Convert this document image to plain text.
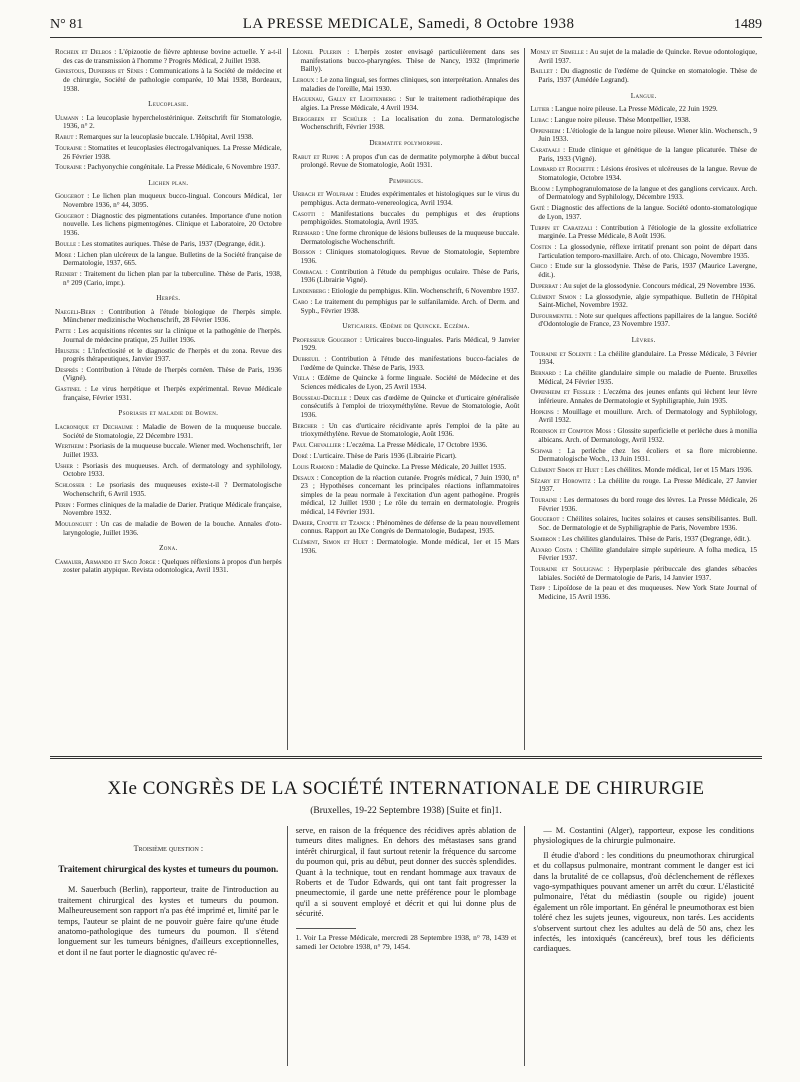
N° 81	LA PRESSE MEDICALE, Samedi, 8 Octobre 1938	1489
Rocheix et Delbos : L'épizootie de fièvre aphteuse bovine actuelle. Y a-t-il des cas de transmission à l'homme ? Progrès Médical, 2 Juillet 1938.
Ginestous, Dupierris et Sènes : Communications à la Société de médecine et de chirurgie, Société de pathologie comparée, 10 Mai 1938, Bordeaux, 1938.
Leucoplasie.
Ulmann : La leucoplasie hyperchelostérinique. Zeitschrift für Stomatologie, 1936, n° 2.
Rabut : Remarques sur la leucoplasie buccale. L'Hôpital, Avril 1938.
Touraine : Stomatites et leucoplasies électrogalvaniques. La Presse Médicale, 26 Février 1938.
Touraine : Pachyonychie congénitale. La Presse Médicale, 6 Novembre 1937.
Lichen plan.
Gougerot : Le lichen plan muqueux bucco-lingual. Concours Médical, 1er Novembre 1936, n° 44, 3095.
Gougerot : Diagnostic des pigmentations cutanées. Importance d'une notion nouvelle. Les lichens pigmentogènes. Clinique et Laboratoire, 20 Octobre 1936.
Boulle : Les stomatites auriques. Thèse de Paris, 1937 (Degrange, édit.).
More : Lichen plan ulcéreux de la langue. Bulletins de la Société française de Dermatologie, 1937, 665.
Reinert : Traitement du lichen plan par la tuberculine. Thèse de Paris, 1938, n° 209 (Cario, impr.).
Herpès.
Naegeli-Bern : Contribution à l'étude biologique de l'herpès simple. Münchener medizinische Wochenschrift, 28 Février 1936.
Patte : Les acquisitions récentes sur la clinique et la pathogénie de l'herpès. Journal de médecine pratique, 25 Juillet 1936.
Hruszek : L'infectiosité et le diagnostic de l'herpès et du zona. Revue des progrès thérapeutiques, Janvier 1937.
Després : Contribution à l'étude de l'herpès cornéen. Thèse de Paris, 1936 (Vigné).
Gastinel : Le virus herpétique et l'herpès expérimental. Revue Médicale française, Février 1931.
Psoriasis et maladie de Bowen.
Lacronique et Dechaume : Maladie de Bowen de la muqueuse buccale. Société de Stomatologie, 22 Décembre 1931.
Wertheim : Psoriasis de la muqueuse buccale. Wiener med. Wochenschrift, 1er Juillet 1933.
Usher : Psoriasis des muqueuses. Arch. of dermatology and syphilology, Octobre 1933.
Schlosser : Le psoriasis des muqueuses existe-t-il ? Dermatologische Wochenschrift, 6 Avril 1935.
Perin : Formes cliniques de la maladie de Darier. Pratique Médicale française, Novembre 1932.
Moulonguet : Un cas de maladie de Bowen de la bouche. Annales d'oto-laryngologie, Juillet 1936.
Zona.
Camauer, Armando et Saco Jorge : Quelques réflexions à propos d'un herpès zoster palatin atypique. Revista odontologica, Avril 1931.
Léonel Pulerin : L'herpès zoster envisagé particulièrement dans ses manifestations bucco-pharyngées. Thèse de Nancy, 1932 (Imprimerie Bailly).
Leroux : Le zona lingual, ses formes cliniques, son interprétation. Annales des maladies de l'oreille, Mai 1930.
Haguenau, Gally et Lichtenberg : Sur le traitement radiothérapique des algies. La Presse Médicale, 4 Avril 1934.
Berggreen et Schüler : La localisation du zona. Dermatologische Wochenschrift, Février 1938.
Dermatite polymorphe.
Rabut et Ruppe : A propos d'un cas de dermatite polymorphe à début buccal prolongé. Revue de Stomatologie, Août 1931.
Pemphigus.
Urbach et Wolfram : Etudes expérimentales et histologiques sur le virus du pemphigus. Acta dermato-venereologica, Avril 1934.
Casotti : Manifestations buccales du pemphigus et des éruptions pemphigoïdes. Stomatologia, Avril 1935.
Reinhard : Une forme chronique de lésions bulleuses de la muqueuse buccale. Dermatologische Wochenschrift.
Boisson : Cliniques stomatologiques. Revue de Stomatologie, Septembre 1936.
Combacal : Contribution à l'étude du pemphigus oculaire. Thèse de Paris, 1936 (Librairie Vigné).
Lindenberg : Etiologie du pemphigus. Klin. Wochenschrift, 6 Novembre 1937.
Caro : Le traitement du pemphigus par le sulfanilamide. Arch. of Derm. and Syph., Février 1938.
Urticaires. Œdème de Quincke. Eczéma.
Professeur Gougerot : Urticaires bucco-linguales. Paris Médical, 9 Janvier 1929.
Dubreuil : Contribution à l'étude des manifestations bucco-faciales de l'œdème de Quincke. Thèse de Paris, 1933.
Viela : Œdème de Quincke à forme linguale. Société de Médecine et des Sciences médicales de Lyon, 25 Avril 1934.
Bousseau-Decelle : Deux cas d'œdème de Quincke et d'urticaire généralisée consécutifs à l'emploi de trioxyméthylène. Revue de Stomatologie, Août 1936.
Bercher : Un cas d'urticaire récidivante après l'emploi de la pâte au trioxyméthylène. Revue de Stomatologie, Août 1936.
Paul Chevallier : L'eczéma. La Presse Médicale, 17 Octobre 1936.
Doré : L'urticaire. Thèse de Paris 1936 (Librairie Picart).
Louis Ramond : Maladie de Quincke. La Presse Médicale, 20 Juillet 1935.
Desaux : Conception de la réaction cutanée. Progrès médical, 7 Juin 1930, n° 23 ; Hypothèses concernant les principales réactions inflammatoires simples de la peau normale à l'excitation d'un agent pathogène. Progrès médical, 12 Juillet 1930 ; Le rôle du terrain en dermatologie. Progrès médical, 14 Février 1931.
Darier, Civatte et Tzanck : Phénomènes de défense de la peau nouvellement connus. Rapport au IXe Congrès de Dermatologie, Budapest, 1935.
Clément, Simon et Huet : Dermatologie. Monde médical, 1er et 15 Mars 1936.
Monly et Semelle : Au sujet de la maladie de Quincke. Revue odontologique, Avril 1937.
Baillet : Du diagnostic de l'œdème de Quincke en stomatologie. Thèse de Paris, 1937 (Amédée Legrand).
Langue.
Lutier : Langue noire pileuse. La Presse Médicale, 22 Juin 1929.
Lubac : Langue noire pileuse. Thèse Montpellier, 1938.
Oppenheim : L'étiologie de la langue noire pileuse. Wiener klin. Wochensch., 9 Juin 1933.
Carataali : Etude clinique et génétique de la langue plicaturée. Thèse de Paris, 1933 (Vigné).
Lombard et Rochette : Lésions érosives et ulcéreuses de la langue. Revue de Stomatologie, Octobre 1934.
Bloom : Lymphogranulomatose de la langue et des ganglions cervicaux. Arch. of Dermatology and Syphilology, Décembre 1933.
Gaté : Diagnostic des affections de la langue. Société odonto-stomatologique de Lyon, 1937.
Turpin et Caratzali : Contribution à l'étiologie de la glossite exfoliatrice marginée. La Presse Médicale, 8 Août 1936.
Costen : La glossodynie, réflexe irritatif prenant son point de départ dans l'articulation temporo-maxillaire. Arch. of oto. Chicago, Novembre 1935.
Chico : Etude sur la glossodynie. Thèse de Paris, 1937 (Maurice Lavergne, édit.).
Duperrat : Au sujet de la glossodynie. Concours médical, 29 Novembre 1936.
Clément Simon : La glossodynie, algie sympathique. Bulletin de l'Hôpital Saint-Michel, Novembre 1932.
Dufourmentel : Note sur quelques affections papillaires de la langue. Société d'Odontologie de France, 23 Novembre 1937.
Lèvres.
Touraine et Solente : La chéilite glandulaire. La Presse Médicale, 3 Février 1934.
Bernard : La chéilite glandulaire simple ou maladie de Puente. Bruxelles Médical, 24 Février 1935.
Oppenheim et Fessler : L'eczéma des jeunes enfants qui lèchent leur lèvre inférieure. Annales de Dermatologie et Syphiligraphie, Juin 1935.
Hopkins : Mouillage et mouillure. Arch. of Dermatology and Syphilology, Avril 1932.
Robinson et Compton Moss : Glossite superficielle et perlèche dues à monilia albicans. Arch. of Dermatology, Avril 1932.
Schwab : La perlèche chez les écoliers et sa flore microbienne. Dermatologische Woch., 13 Juin 1931.
Clément Simon et Huet : Les chéilites. Monde médical, 1er et 15 Mars 1936.
Sézary et Horowitz : La chéilite du rouge. La Presse Médicale, 27 Janvier 1937.
Touraine : Les dermatoses du bord rouge des lèvres. La Presse Médicale, 26 Février 1936.
Gougerot : Chéilites solaires, lucites solaires et causes sensibilisantes. Bull. Soc. de Dermatologie et de Syphiligraphie de Paris, Novembre 1936.
Sambron : Les chéilites glandulaires. Thèse de Paris, 1937 (Degrange, édit.).
Alvaro Costa : Chéilite glandulaire simple supérieure. A folha medica, 15 Février 1937.
Touraine et Soulignac : Hyperplasie péribuccale des glandes sébacées labiales. Société de Dermatologie de Paris, 14 Janvier 1937.
Tripp : Lipoïdose de la peau et des muqueuses. New York State Journal of Medicine, 15 Avril 1936.
XIe CONGRÈS DE LA SOCIÉTÉ INTERNATIONALE DE CHIRURGIE
(Bruxelles, 19-22 Septembre 1938) [Suite et fin]1.
Troisième question :
Traitement chirurgical des kystes et tumeurs du poumon.
M. Sauerbuch (Berlin), rapporteur, traite de l'introduction au traitement chirurgical des kystes et tumeurs du poumon. Malheureusement son rapport n'a pas été imprimé et, limité par le temps, l'auteur se plaint de ne pouvoir guère faire qu'une étude anatomo-pathologique des tumeurs du poumon. Il s'étend longuement sur les tumeurs bénignes, d'ailleurs exceptionnelles, et dont il ne faut porter le diagnostic qu'avec ré-
serve, en raison de la fréquence des récidives après ablation de tumeurs dites malignes. En dehors des métastases sans grand intérêt chirurgical, il faut surtout retenir la fréquence du sarcome du poumon qui, pris au début, peut donner des succès splendides. Quant à la technique, tout en rendant hommage aux travaux de Roberts et de Tudor Edwards, qui ont tant fait progresser la pneumectomie, il garde une nette préférence pour le plombage qu'il a si souvent employé et décrit et qui lui donne plus de sécurité.
1. Voir La Presse Médicale, mercredi 28 Septembre 1938, n° 78, 1439 et samedi 1er Octobre 1938, n° 79, 1454.
— M. Costantini (Alger), rapporteur, expose les conditions physiologiques de la chirurgie pulmonaire.
Il étudie d'abord : les conditions du pneumothorax chirurgical et du collapsus pulmonaire, montrant comment le danger est ici dans la brutalité de ce collapsus, d'où déclenchement de réflexes vago-sympathiques pouvant amener un arrêt du cœur. L'élasticité pulmonaire, l'état du médiastin (souple ou rigide) jouent également un rôle important. En général le pneumothorax est bien toléré chez les sujets jeunes, vigoureux, non tarés. Les accidents s'observent surtout chez les adultes au delà de 50 ans, chez les infectés, les intoxiqués (cancéreux), bref tous les déficients cardiaques.
